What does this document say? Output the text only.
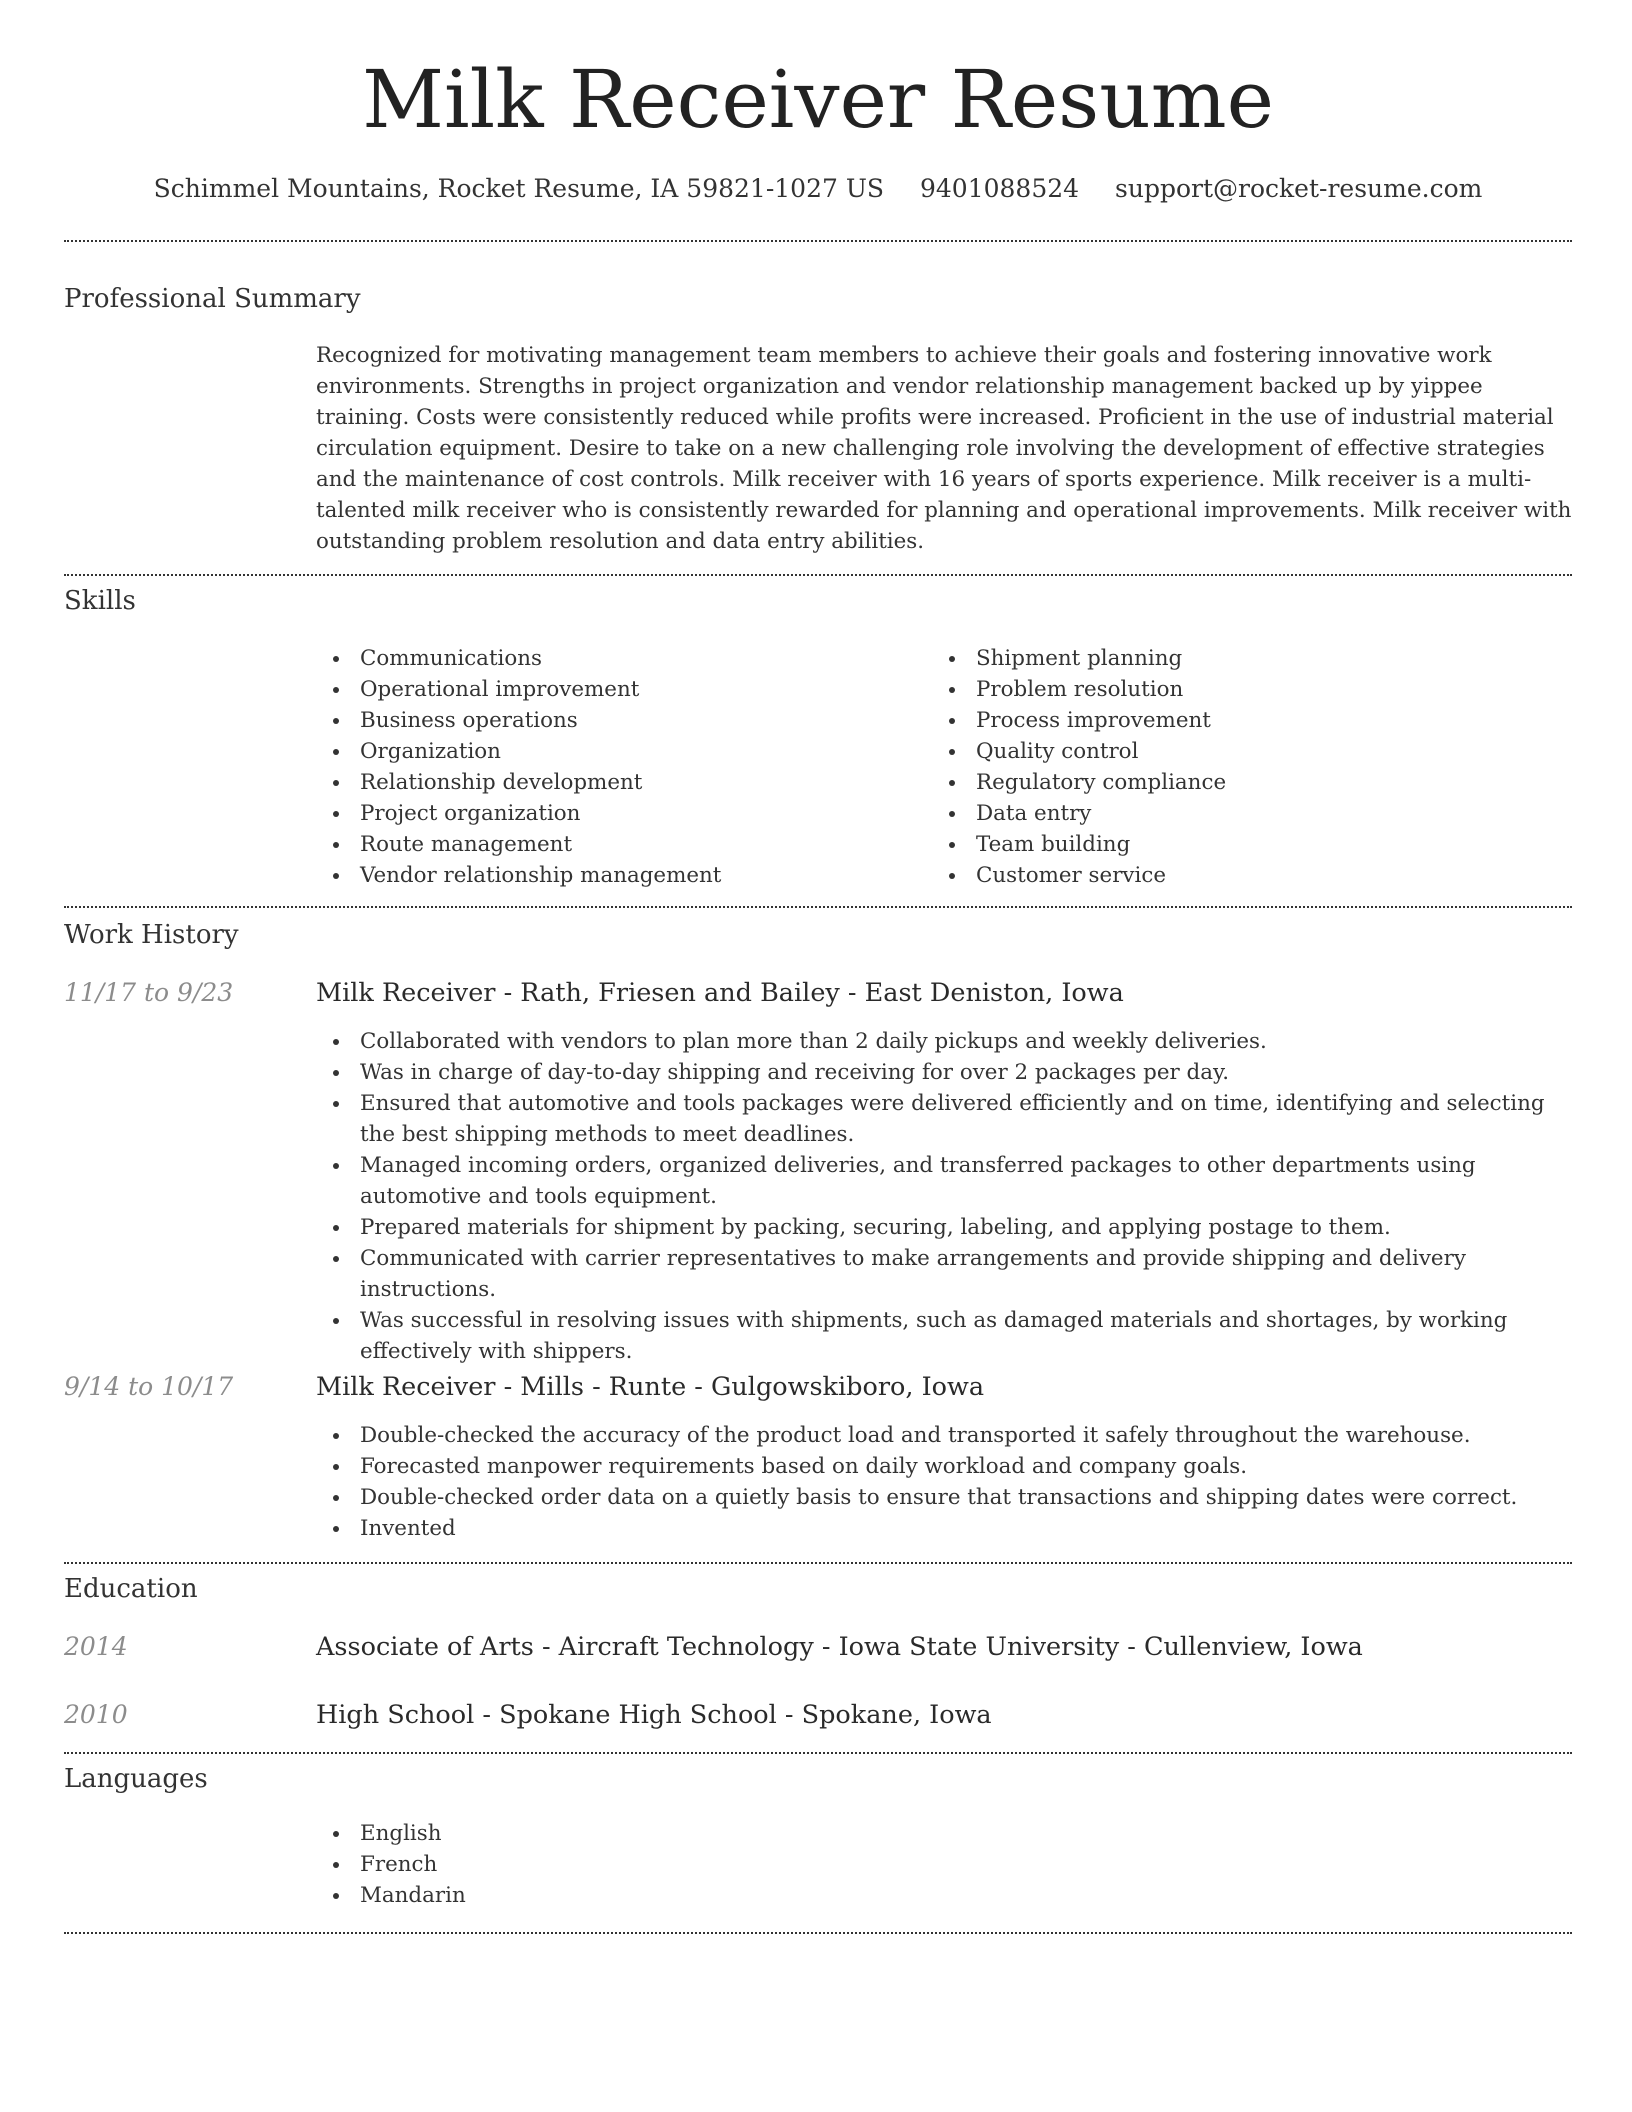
Milk Receiver Resume
Schimmel Mountains, Rocket Resume, IA 59821-1027 US 9401088524 support@rocket-resume.com
Professional Summary

Recognized for motivating management team members to achieve their goals and fostering innovative work environments. Strengths in project organization and vendor relationship management backed up by yippee training. Costs were consistently reduced while profits were increased. Proficient in the use of industrial material circulation equipment. Desire to take on a new challenging role involving the development of effective strategies and the maintenance of cost controls. Milk receiver with 16 years of sports experience. Milk receiver is a multi-talented milk receiver who is consistently rewarded for planning and operational improvements. Milk receiver with outstanding problem resolution and data entry abilities.

Skills
Communications
Operational improvement
Business operations
Organization
Relationship development
Project organization
Route management
Vendor relationship management
Shipment planning
Problem resolution
Process improvement
Quality control
Regulatory compliance
Data entry
Team building
Customer service
Work History
11/17 to 9/23	Milk Receiver - Rath, Friesen and Bailey - East Deniston, Iowa
Collaborated with vendors to plan more than 2 daily pickups and weekly deliveries.
Was in charge of day-to-day shipping and receiving for over 2 packages per day.
Ensured that automotive and tools packages were delivered efficiently and on time, identifying and selecting the best shipping methods to meet deadlines.
Managed incoming orders, organized deliveries, and transferred packages to other departments using automotive and tools equipment.
Prepared materials for shipment by packing, securing, labeling, and applying postage to them.
Communicated with carrier representatives to make arrangements and provide shipping and delivery instructions.
Was successful in resolving issues with shipments, such as damaged materials and shortages, by working effectively with shippers.
9/14 to 10/17	Milk Receiver - Mills - Runte - Gulgowskiboro, Iowa
Double-checked the accuracy of the product load and transported it safely throughout the warehouse.
Forecasted manpower requirements based on daily workload and company goals.
Double-checked order data on a quietly basis to ensure that transactions and shipping dates were correct.
Invented
Education
2014	Associate of Arts - Aircraft Technology - Iowa State University - Cullenview, Iowa
2010	High School - Spokane High School - Spokane, Iowa
Languages
English
French
Mandarin
